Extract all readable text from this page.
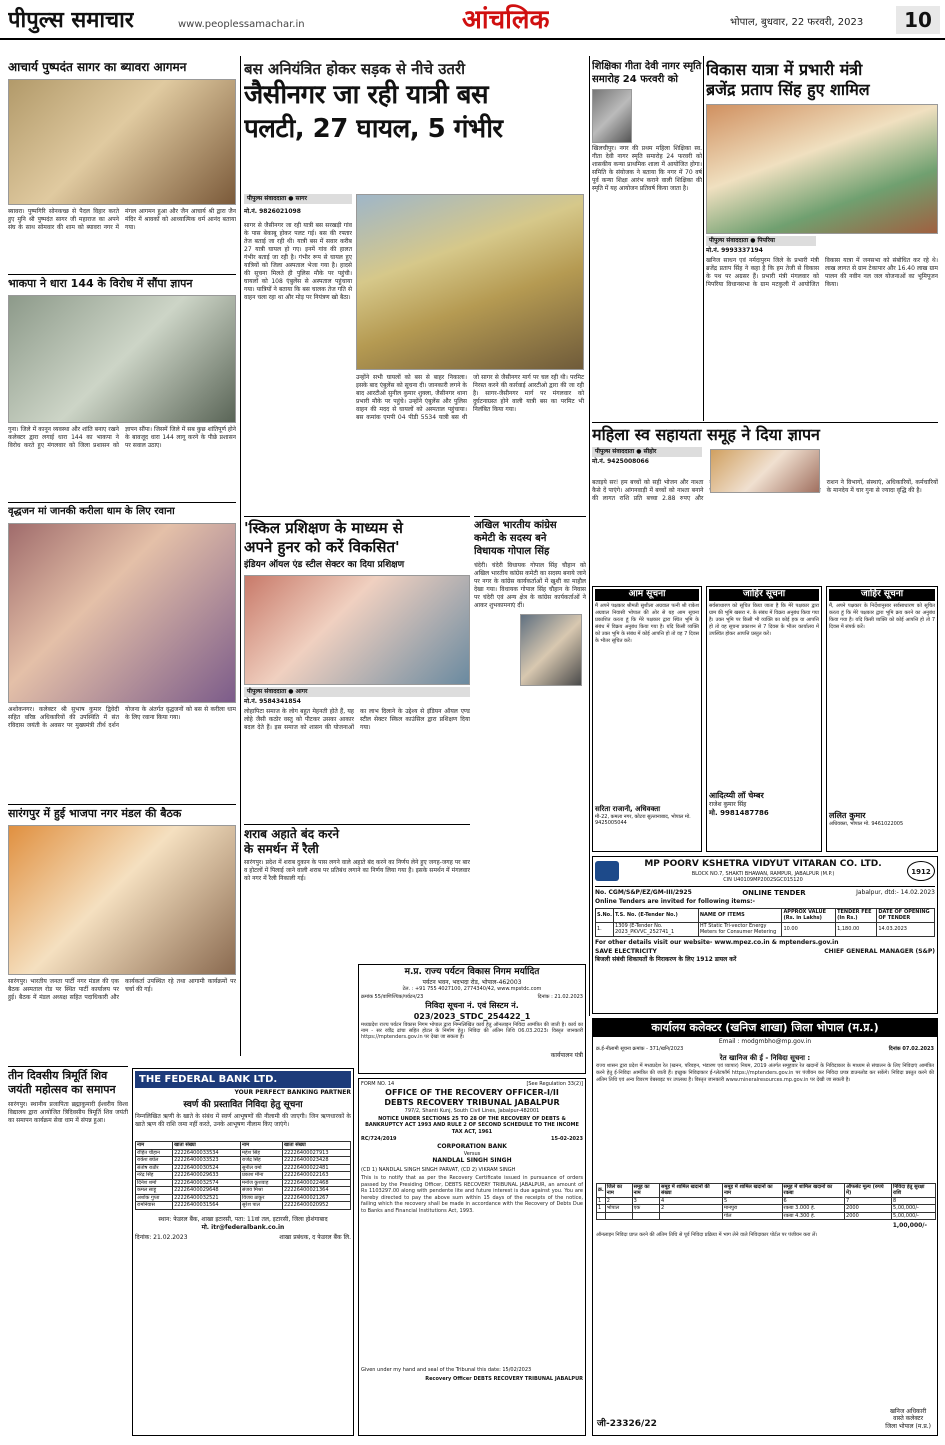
पीपुल्स समाचार	www.peoplessamachar.in	आंचलिक	भोपाल, बुधवार, 22 फरवरी, 2023	10
आचार्य पुष्पदंत सागर का ब्यावरा आगमन
ब्यावरा। पुष्पगिरि सोनकच्छ से पैदल विहार करते हुए मुनि श्री पुष्पदंत सागर जी महाराज का अपने संघ के साथ सोमवार की शाम को ब्यावरा नगर में मंगल आगमन हुआ और जैन आचार्य श्री द्वारा जैन मंदिर में श्रावकों को आध्यात्मिक धर्म आनंद बताया गया।
भाकपा ने धारा 144 के विरोध में सौंपा ज्ञापन
गुना। जिले में कानून व्यवस्था और शांति बनाए रखने कलेक्टर द्वारा लगाई धारा 144 का भाकपा ने विरोध करते हुए मंगलवार को जिला प्रशासन को ज्ञापन सौंपा। जिसमें जिले में सब कुछ शांतिपूर्ण होने के बावजूद धारा 144 लागू करने के पीछे प्रशासन पर सवाल उठाए।
वृद्धजन मां जानकी करीला धाम के लिए रवाना
अशोकनगर। कलेक्टर श्री सुभाष कुमार द्विवेदी सहित वरिष्ठ अधिकारियों की उपस्थिति में संत रविदास जयंती के अवसर पर मुख्यमंत्री तीर्थ दर्शन योजना के अंतर्गत वृद्धजनों को बस से करीला धाम के लिए रवाना किया गया।
सारंगपुर में हुई भाजपा नगर मंडल की बैठक
सारंगपुर। भारतीय जनता पार्टी नगर मंडल की एक बैठक अस्पताल रोड पर स्थित पार्टी कार्यालय पर हुई। बैठक में मंडल अध्यक्ष सहित पदाधिकारी और कार्यकर्ता उपस्थित रहे तथा आगामी कार्यक्रमों पर चर्चा की गई।
तीन दिवसीय त्रिमूर्ति शिव जयंती महोत्सव का समापन
सारंगपुर। स्थानीय प्रजापिता ब्रह्माकुमारी ईश्वरीय विश्व विद्यालय द्वारा आयोजित त्रिदिवसीय त्रिमूर्ति शिव जयंती का समापन कार्यक्रम सेवा धाम में संपन्न हुआ।
THE FEDERAL BANK LTD.
YOUR PERFECT BANKING PARTNER
स्वर्ण की प्रस्तावित निविदा हेतु सूचना
निम्नलिखित ऋणी के खाते के संबंध में स्वर्ण आभूषणों की नीलामी की जाएगी। जिन ऋणधारकों के खाते ऋण की राशि जमा नहीं करते, उनके आभूषण नीलाम किए जाएंगे।
नाम	खाता संख्या	नाम	खाता संख्या
रोहित चौहान	22226400033534	महेश सिंह	22226400027913
राकेश बघेल	22226400033523	राजेंद्र सिंह	22226400023428
संतोष राठौर	22226400030524	सुनील वर्मा	22226400022481
नरेंद्र सिंह	22226400029633	प्रकाश मीना	22226400022163
दिनेश शर्मा	22226400032574	मनोज कुशवाह	22226400022468
कमल साहू	22226400029648	संजय मिश्रा	22226400021364
अशोक गुप्ता	22226400032521	विजय ठाकुर	22226400021267
रामनिवास	22226400031564	सुरेश पाल	22226400020952
स्थान: फेडरल बैंक, शाखा इटारसी, पता: 11वां तल, इटारसी, जिला होशंगाबाद
मो. itr@federalbank.co.in
दिनांक: 21.02.2023	शाखा प्रबंधक, द फेडरल बैंक लि.
बस अनियंत्रित होकर सड़क से नीचे उतरी
जैसीनगर जा रही यात्री बस
पलटी, 27 घायल, 5 गंभीर
पीपुल्स संवाददाता ● सागर
मो.नं. 9826021098
सागर से जैसीनगर जा रही यात्री बस सरखड़ी गांव के पास बेकाबू होकर पलट गई। बस की रफ्तार तेज बताई जा रही थी। यात्री बस में सवार करीब 27 यात्री घायल हो गए। इनमें गांव की हालत गंभीर बताई जा रही है। गंभीर रूप से घायल हुए यात्रियों को जिला अस्पताल भेजा गया है। हादसे की सूचना मिलते ही पुलिस मौके पर पहुंची। घायलों को 108 एंबुलेंस से अस्पताल पहुंचाया गया। यात्रियों ने बताया कि बस चालक तेज गति से वाहन चला रहा था और मोड़ पर नियंत्रण खो बैठा।
उन्होंने सभी घायलों को बस से बाहर निकाला। इसके बाद एंबुलेंस को सूचना दी। जानकारी लगने के बाद आरटीओ सुनील कुमार शुक्ला, जैसीनगर थाना प्रभारी मौके पर पहुंचे। उन्होंने एंबुलेंस और पुलिस वाहन की मदद से घायलों को अस्पताल पहुंचाया। बस कमांक एमपी 04 पीडी 5534 यात्री बस थी जो सागर से जैसीनगर मार्ग पर चल रही थी। परमिट निरस्त करने की कार्रवाई आरटीओ द्वारा की जा रही है। सागर-जैसीनगर मार्ग पर मंगलवार को दुर्घटनाग्रस्त होने वाली यात्री बस का परमिट भी निलंबित किया गया।
'स्किल प्रशिक्षण के माध्यम से
अपने हुनर को करें विकसित'
इंडियन ऑयल एंड स्टील सेक्टर का दिया प्रशिक्षण
पीपुल्स संवाददाता ● आगर
मो.नं. 9584341854
लोहापिटा समाज के लोग बहुत मेहनती होते हैं, यह लोहे जैसी कठोर वस्तु को पीटकर उसका आकार बदल देते हैं। इस समाज को शासन की योजनाओं का लाभ दिलाने के उद्देश्य से इंडियन ऑयल एण्ड स्टील सेक्टर स्किल काउंसिल द्वारा प्रशिक्षण दिया गया।
शराब अहाते बंद करने
के समर्थन में रैली
सारंगपुर। प्रदेश में शराब दुकान के पास लगने वाले अहाते बंद करने का निर्णय लेने हुए जगह-जगह पर बार व होटलों में पिलाई जाने वाली शराब पर प्रतिबंध लगाने का निर्णय लिया गया है। इसके समर्थन में मंगलवार को नगर में रैली निकाली गई।
शिक्षिका गीता देवी नागर स्मृति समारोह 24 फरवरी को
खिलचीपुर। नगर की प्रथम महिला शिक्षिका स्व. गीता देवी नागर स्मृति समारोह 24 फरवरी को शासकीय कन्या प्राथमिक शाला में आयोजित होगा। समिति के संयोजक ने बताया कि नगर में 70 वर्ष पूर्व कन्या शिक्षा आरंभ कराने वाली शिक्षिका की स्मृति में यह आयोजन प्रतिवर्ष किया जाता है।
अखिल भारतीय कांग्रेस
कमेटी के सदस्य बने
विधायक गोपाल सिंह
चंदेरी। चंदेरी विधायक गोपाल सिंह चौहान को अखिल भारतीय कांग्रेस कमेटी का सदस्य बनाये जाने पर नगर के कांग्रेस कार्यकर्ताओं में खुशी का माहौल देखा गया। विधायक गोपाल सिंह चौहान के निवास पर चंदेरी एवं अन्य क्षेत्र के कांग्रेस कार्यकर्ताओं ने आकर शुभकामनाएं दीं।
विकास यात्रा में प्रभारी मंत्री
ब्रजेंद्र प्रताप सिंह हुए शामिल
पीपुल्स संवाददाता ● पिपरिया
मो.नं. 9993337194
खनिज साधन एवं नर्मदापुरम जिले के प्रभारी मंत्री ब्रजेंद्र प्रताप सिंह ने कहा है कि हम तेजी से विकास के पथ पर अग्रसर हैं। प्रभारी मंत्री मंगलवार को पिपरिया विधानसभा के ग्राम मटकुली में आयोजित विकास यात्रा में जनसभा को संबोधित कर रहे थे। लाख लागत से ग्राम टेकापार और 16.40 लाख ग्राम पालन की नवीन नल जल योजनाओं का भूमिपूजन किया।
महिला स्व सहायता समूह ने दिया ज्ञापन
पीपुल्स संवाददाता ● सीहोर
मो.नं. 9425008066
बताइये सर! हम बच्चों को सही भोजन और नाश्ता कैसे दें पाएंगे। आंगनवाड़ी में बच्चों को नाश्ता बनाने की लागत राशि प्रति बच्चा 2.88 रुपए और राशन ने विभागों, संस्थाएं, अधिकारियों, कर्मचारियों के मानदेय में चार गुना से ज्यादा वृद्धि की है।
आम सूचना
मैं अपने पक्षकार श्रीमती सुशीला अग्रवाल पत्नी श्री राकेश अग्रवाल निवासी भोपाल की ओर से यह आम सूचना प्रकाशित करता हूं कि मेरे पक्षकार द्वारा स्थित भूमि के संबंध में विक्रय अनुबंध किया गया है। यदि किसी व्यक्ति को उक्त भूमि के संबंध में कोई आपत्ति हो तो वह 7 दिवस के भीतर सूचित करें।
सरिता राजानी, अधिवक्ता
मी-22, कमला नगर, कोटरा सुल्तानाबाद, भोपाल मो. 9425005044
जाहिर सूचना
सर्वसाधारण को सूचित किया जाता है कि मेरे पक्षकार द्वारा ग्राम की भूमि खसरा नं. के संबंध में विक्रय अनुबंध किया गया है। उक्त भूमि पर किसी भी व्यक्ति का कोई हक या आपत्ति हो तो वह सूचना प्रकाशन से 7 दिवस के भीतर कार्यालय में उपस्थित होकर आपत्ति प्रस्तुत करें।
आदित्य्यी लॉ चेम्बर
राजेश कुमार सिंह
मो. 9981487786
जाहिर सूचना
मैं, अपने पक्षकार के निर्देशानुसार सर्वसाधारण को सूचित करता हूं कि मेरे पक्षकार द्वारा भूमि क्रय करने का अनुबंध किया गया है। यदि किसी व्यक्ति को कोई आपत्ति हो तो 7 दिवस में संपर्क करें।
ललित कुमार
अधिवक्ता, भोपाल मो. 9461022005
MP POORV KSHETRA VIDYUT VITARAN CO. LTD.
BLOCK NO.7, SHAKTI BHAWAN, RAMPUR, JABALPUR (M.P.)
CIN U40109MP2002SGC015120
1912
No. CGM/S&P/EZ/GM-III/2925	ONLINE TENDER	Jabalpur, dtd:- 14.02.2023
Online Tenders are invited for following items:-
S.No.	T.S. No. (E-Tender No.)	NAME OF ITEMS	APPROX VALUE (Rs. in Lakhs)	TENDER FEE (In Rs.)	DATE OF OPENING OF TENDER
1.	1309 (E-Tender No. 2023_PKVVC_252741_1	HT Static Tri-vector Energy Meters for Consumer Metering	10.00	1,180.00	14.03.2023
For other details visit our website- www.mpez.co.in & mptenders.gov.in
SAVE ELECTRICITY	CHIEF GENERAL MANAGER (S&P)
बिजली संबंधी शिकायतों के निराकरण के लिए 1912 डायल करें
म.प्र. राज्य पर्यटन विकास निगम मर्यादित
पर्यटन भवन, भदभदा रोड, भोपाल-462003
टेल. : +91 755 4027100, 2774340/42, www.mpstdc.com
क्रमांक 55/वाणिज्यिक/पर्यटन/23	दिनांक : 21.02.2023
निविदा सूचना नं. एवं सिस्टम नं.
023/2023_STDC_254422_1
मध्यप्रदेश राज्य पर्यटन विकास निगम भोपाल द्वारा निम्नलिखित कार्य हेतु ऑनलाइन निविदा आमंत्रित की जाती है। कार्य का नाम - सर रवींद्र ढांचा सहित होटल के निर्माण हेतु। निविदा की अंतिम तिथि 06.03.2023। विस्तृत जानकारी https://mptenders.gov.in पर देखा जा सकता है।
कार्यपालन यंत्री
FORM NO. 14	[See Regulation 33(2)]
OFFICE OF THE RECOVERY OFFICER-I/II
DEBTS RECOVERY TRIBUNAL JABALPUR
797/2, Shanti Kunj, South Civil Lines, Jabalpur-482001
NOTICE UNDER SECTIONS 25 TO 28 OF THE RECOVERY OF DEBTS & BANKRUPTCY ACT 1993 AND RULE 2 OF SECOND SCHEDULE TO THE INCOME TAX ACT, 1961
RC/724/2019	15-02-2023
CORPORATION BANK
Versus
NANDLAL SINGH SINGH
(CD 1) NANDLAL SINGH SINGH PARVAT, (CD 2) VIKRAM SINGH
This is to notify that as per the Recovery Certificate issued in pursuance of orders passed by the Presiding Officer, DEBTS RECOVERY TRIBUNAL JABALPUR, an amount of Rs 1103297.00 along with pendente lite and future interest is due against you. You are hereby directed to pay the above sum within 15 days of the receipts of the notice, failing which the recovery shall be made in accordance with the Recovery of Debts Due to Banks and Financial Institutions Act, 1993.
Given under my hand and seal of the Tribunal this date: 15/02/2023
Recovery Officer DEBTS RECOVERY TRIBUNAL JABALPUR
कार्यालय कलेक्टर (खनिज शाखा) जिला भोपाल (म.प्र.)
Email : modgmbho@mp.gov.in
क्र.ई-नीलामी सूचना क्रमांक - 371/खनि/2023	दिनांक 07.02.2023
रेत खानिज की ई - निविदा सूचना :
राज्य शासन द्वारा प्रदेश में मध्यप्रदेश रेत (खनन, परिवहन, भंडारण एवं व्यापार) नियम, 2019 अंतर्गत समूहवार रेत खदानों के निविदाकार के माध्यम से संचालन के लिए निविदाएं आमंत्रित करने हेतु ई-निविदा आमंत्रित की जाती हैं। इच्छुक निविदाकार ई-प्लेटफॉर्म https://mptenders.gov.in पर पंजीयन कर निविदा प्रपत्र डाउनलोड कर सकेंगे। निविदा प्रस्तुत करने की अंतिम तिथि एवं अन्य विवरण वेबसाइट पर उपलब्ध है। विस्तृत जानकारी www.mineralresources.mp.gov.in पर देखी जा सकती है।
क्र.	जिले का नाम	समूह का नाम	समूह में शामिल खदानों की संख्या	समूह में शामिल खदानों का नाम	समूह में शामिल खदानों का रकबा	ऑफसेट मूल्य (रुपये में)	निविदा हेतु सुरक्षा राशि
1	2	3	4	5	6	7	8
1	भोपाल	एक	2	मानपुरा	रकबा 3.000 हे.	2000	5,00,000/-
				गोल	रकबा 4.300 हे.	2000	5,00,000/-
1,00,000/-
ऑनलाइन निविदा प्राप्त करने की अंतिम तिथि से पूर्व निविदा प्रक्रिया में भाग लेने वाले निविदाकार पोर्टल पर पंजीयन करा लें।
खनिज अधिकारी
वास्ते कलेक्टर
जिला भोपाल (म.प्र.)
जी-23326/22
